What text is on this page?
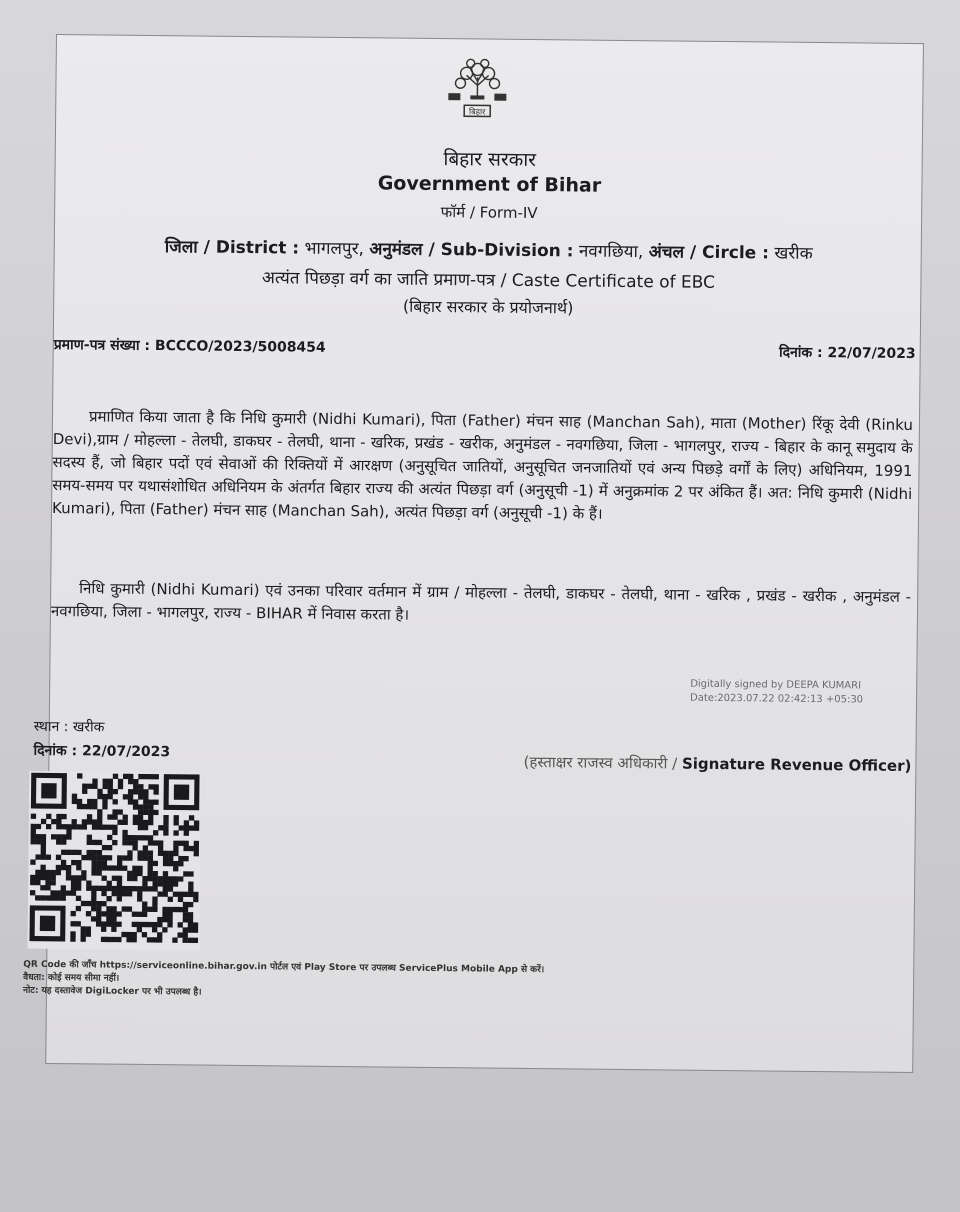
बिहार
बिहार सरकार
Government of Bihar
फॉर्म / Form-IV
जिला / District : भागलपुर, अनुमंडल / Sub-Division : नवगछिया, अंचल / Circle : खरीक
अत्यंत पिछड़ा वर्ग का जाति प्रमाण-पत्र / Caste Certificate of EBC
(बिहार सरकार के प्रयोजनार्थ)
प्रमाण-पत्र संख्या : BCCCO/2023/5008454	दिनांक : 22/07/2023

प्रमाणित किया जाता है कि निधि कुमारी (Nidhi Kumari), पिता (Father) मंचन साह (Manchan Sah), माता (Mother) रिंकू देवी (Rinku Devi),ग्राम / मोहल्ला - तेलघी, डाकघर - तेलघी, थाना - खरिक, प्रखंड - खरीक, अनुमंडल - नवगछिया, जिला - भागलपुर, राज्य - बिहार के कानू समुदाय के सदस्य हैं, जो बिहार पदों एवं सेवाओं की रिक्तियों में आरक्षण (अनुसूचित जातियों, अनुसूचित जनजातियों एवं अन्य पिछड़े वर्गों के लिए) अधिनियम, 1991 समय-समय पर यथासंशोधित अधिनियम के अंतर्गत बिहार राज्य की अत्यंत पिछड़ा वर्ग (अनुसूची -1) में अनुक्रमांक 2 पर अंकित हैं। अत: निधि कुमारी (Nidhi Kumari), पिता (Father) मंचन साह (Manchan Sah), अत्यंत पिछड़ा वर्ग (अनुसूची -1) के हैं।

निधि कुमारी (Nidhi Kumari) एवं उनका परिवार वर्तमान में ग्राम / मोहल्ला - तेलघी, डाकघर - तेलघी, थाना - खरिक , प्रखंड - खरीक , अनुमंडल - नवगछिया, जिला - भागलपुर, राज्य - BIHAR में निवास करता है।

Digitally signed by DEEPA KUMARI
Date:2023.07.22 02:42:13 +05:30
स्थान : खरीक
दिनांक : 22/07/2023
(हस्ताक्षर राजस्व अधिकारी / Signature Revenue Officer)
QR Code की जाँच https://serviceonline.bihar.gov.in पोर्टल एवं Play Store पर उपलब्ध ServicePlus Mobile App से करें।
वैधता: कोई समय सीमा नहीं।
नोट: यह दस्तावेज DigiLocker पर भी उपलब्ध है।
